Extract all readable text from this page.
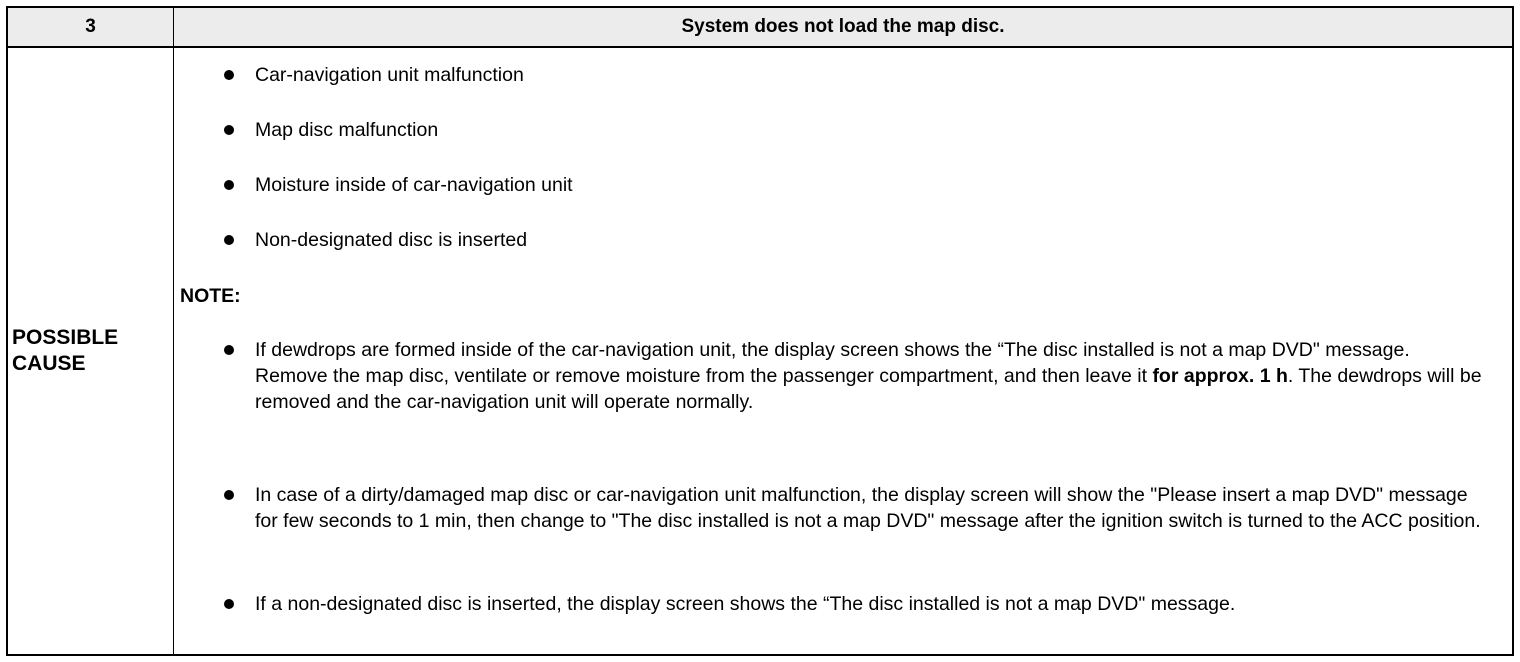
3	System does not load the map disc.
POSSIBLE
CAUSE
Car-navigation unit malfunction
Map disc malfunction
Moisture inside of car-navigation unit
Non-designated disc is inserted
NOTE:
If dewdrops are formed inside of the car-navigation unit, the display screen shows the “The disc installed is not a map DVD" message. Remove the map disc, ventilate or remove moisture from the passenger compartment, and then leave it for approx. 1 h. The dewdrops will be removed and the car-navigation unit will operate normally.
In case of a dirty/damaged map disc or car-navigation unit malfunction, the display screen will show the "Please insert a map DVD" message for few seconds to 1 min, then change to "The disc installed is not a map DVD" message after the ignition switch is turned to the ACC position.
If a non-designated disc is inserted, the display screen shows the “The disc installed is not a map DVD" message.
